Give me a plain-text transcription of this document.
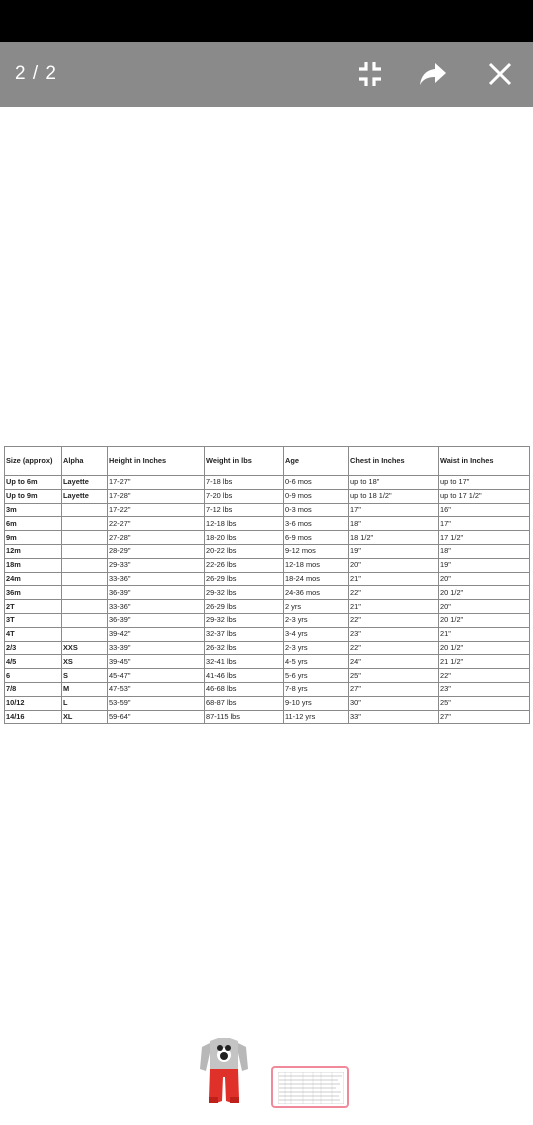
2 / 2
Size (approx)	Alpha	Height in Inches	Weight in lbs	Age	Chest in Inches	Waist in Inches
Up to 6m	Layette	17-27"	7-18 lbs	0-6 mos	up to 18"	up to 17"
Up to 9m	Layette	17-28"	7-20 lbs	0-9 mos	up to 18 1/2"	up to 17 1/2"
3m		17-22"	7-12 lbs	0-3 mos	17"	16"
6m		22-27"	12-18 lbs	3-6 mos	18"	17"
9m		27-28"	18-20 lbs	6-9 mos	18 1/2"	17 1/2"
12m		28-29"	20-22 lbs	9-12 mos	19"	18"
18m		29-33"	22-26 lbs	12-18 mos	20"	19"
24m		33-36"	26-29 lbs	18-24 mos	21"	20"
36m		36-39"	29-32 lbs	24-36 mos	22"	20 1/2"
2T		33-36"	26-29 lbs	2 yrs	21"	20"
3T		36-39"	29-32 lbs	2-3 yrs	22"	20 1/2"
4T		39-42"	32-37 lbs	3-4 yrs	23"	21"
2/3	XXS	33-39"	26-32 lbs	2-3 yrs	22"	20 1/2"
4/5	XS	39-45"	32-41 lbs	4-5 yrs	24"	21 1/2"
6	S	45-47"	41-46 lbs	5-6 yrs	25"	22"
7/8	M	47-53"	46-68 lbs	7-8 yrs	27"	23"
10/12	L	53-59"	68-87 lbs	9-10 yrs	30"	25"
14/16	XL	59-64"	87-115 lbs	11-12 yrs	33"	27"
